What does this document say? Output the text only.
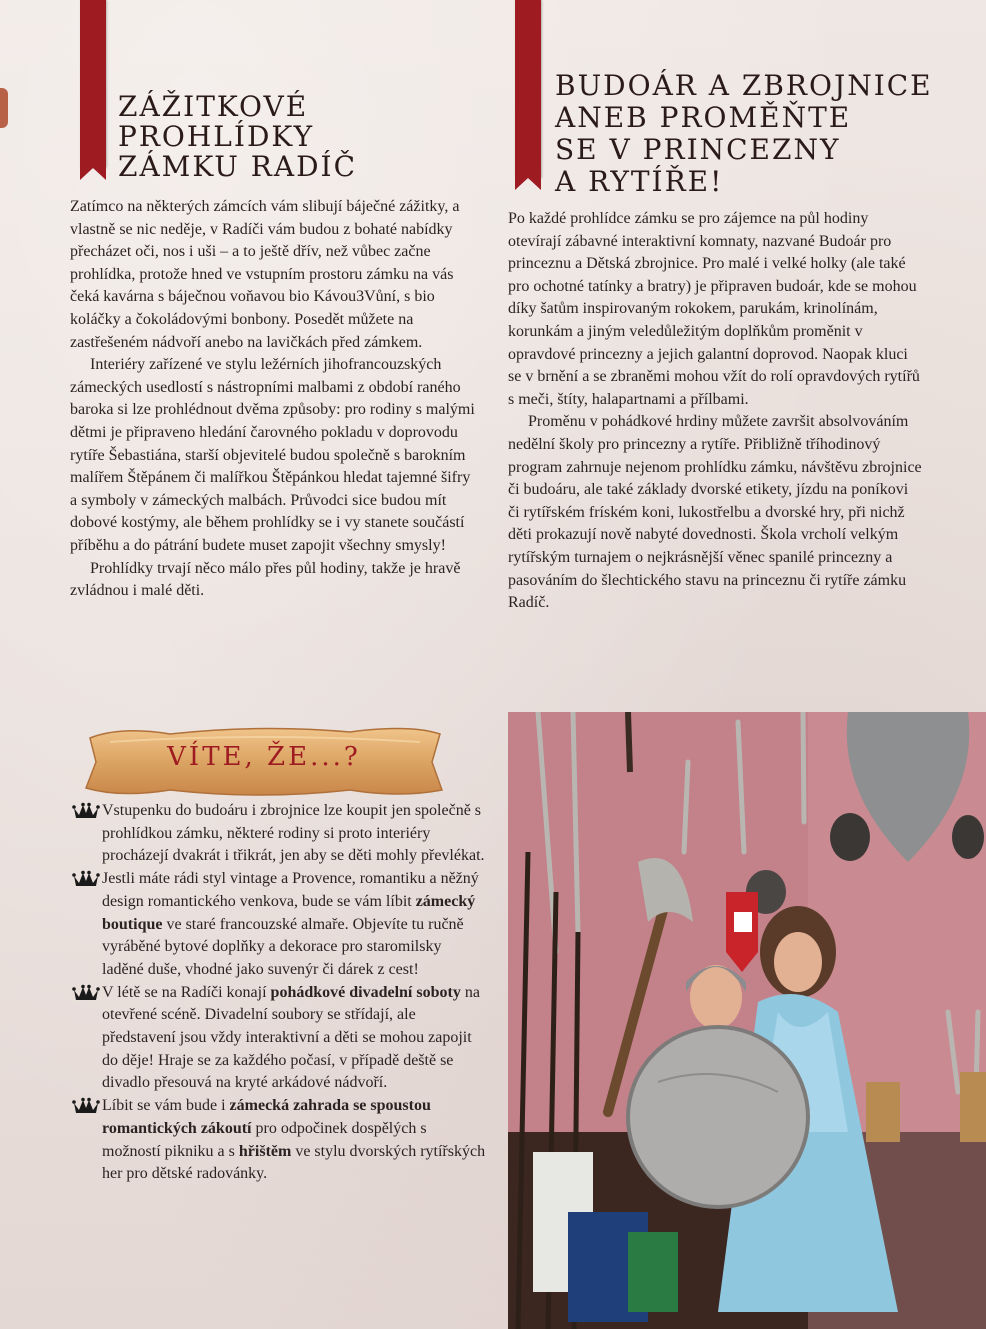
ZÁŽITKOVÉ
PROHLÍDKY
ZÁMKU RADÍČ

Zatímco na některých zámcích vám slibují báječné zážitky, a vlastně se nic neděje, v Radíči vám budou z bohaté nabídky přecházet oči, nos i uši – a to ještě dřív, než vůbec začne prohlídka, protože hned ve vstupním prostoru zámku na vás čeká kavárna s báječnou voňavou bio Kávou3Vůní, s bio koláčky a čokoládovými bonbony. Posedět můžete na zastřešeném nádvoří anebo na lavičkách před zámkem.

Interiéry zařízené ve stylu ležérních jihofrancouzských zámeckých usedlostí s nástropními malbami z období raného baroka si lze prohlédnout dvěma způsoby: pro rodiny s malými dětmi je připraveno hledání čarovného pokladu v doprovodu rytíře Šebastiána, starší objevitelé budou společně s barokním malířem Štěpánem či malířkou Štěpánkou hledat tajemné šifry a symboly v zámeckých malbách. Průvodci sice budou mít dobové kostýmy, ale během prohlídky se i vy stanete součástí příběhu a do pátrání budete muset zapojit všechny smysly!

Prohlídky trvají něco málo přes půl hodiny, takže je hravě zvládnou i malé děti.

BUDOÁR A ZBROJNICE
ANEB PROMĚŇTE
SE V PRINCEZNY
A RYTÍŘE!

Po každé prohlídce zámku se pro zájemce na půl hodiny otevírají zábavné interaktivní komnaty, nazvané Budoár pro princeznu a Dětská zbrojnice. Pro malé i velké holky (ale také pro ochotné tatínky a bratry) je připraven budoár, kde se mohou díky šatům inspirovaným rokokem, parukám, krinolínám, korunkám a jiným veledůležitým doplňkům proměnit v opravdové princezny a jejich galantní doprovod. Naopak kluci se v brnění a se zbraněmi mohou vžít do rolí opravdových rytířů s meči, štíty, halapartnami a přílbami.

Proměnu v pohádkové hrdiny můžete završit absolvováním nedělní školy pro princezny a rytíře. Přibližně tříhodinový program zahrnuje nejenom prohlídku zámku, návštěvu zbrojnice či budoáru, ale také základy dvorské etikety, jízdu na poníkovi či rytířském fríském koni, lukostřelbu a dvorské hry, při nichž děti prokazují nově nabyté dovednosti. Škola vrcholí velkým rytířským turnajem o nejkrásnější věnec spanilé princezny a pasováním do šlechtického stavu na princeznu či rytíře zámku Radíč.

VÍTE, ŽE...?

Vstupenku do budoáru i zbrojnice lze koupit jen společně s prohlídkou zámku, některé rodiny si proto interiéry procházejí dvakrát i třikrát, jen aby se děti mohly převlékat.

Jestli máte rádi styl vintage a Provence, romantiku a něžný design romantického venkova, bude se vám líbit zámecký boutique ve staré francouzské almaře. Objevíte tu ručně vyráběné bytové doplňky a dekorace pro staromilsky laděné duše, vhodné jako suvenýr či dárek z cest!

V létě se na Radíči konají pohádkové divadelní soboty na otevřené scéně. Divadelní soubory se střídají, ale představení jsou vždy interaktivní a děti se mohou zapojit do děje! Hraje se za každého počasí, v případě deště se divadlo přesouvá na kryté arkádové nádvoří.

Líbit se vám bude i zámecká zahrada se spoustou romantických zákoutí pro odpočinek dospělých s možností pikniku a s hřištěm ve stylu dvorských rytířských her pro dětské radovánky.
